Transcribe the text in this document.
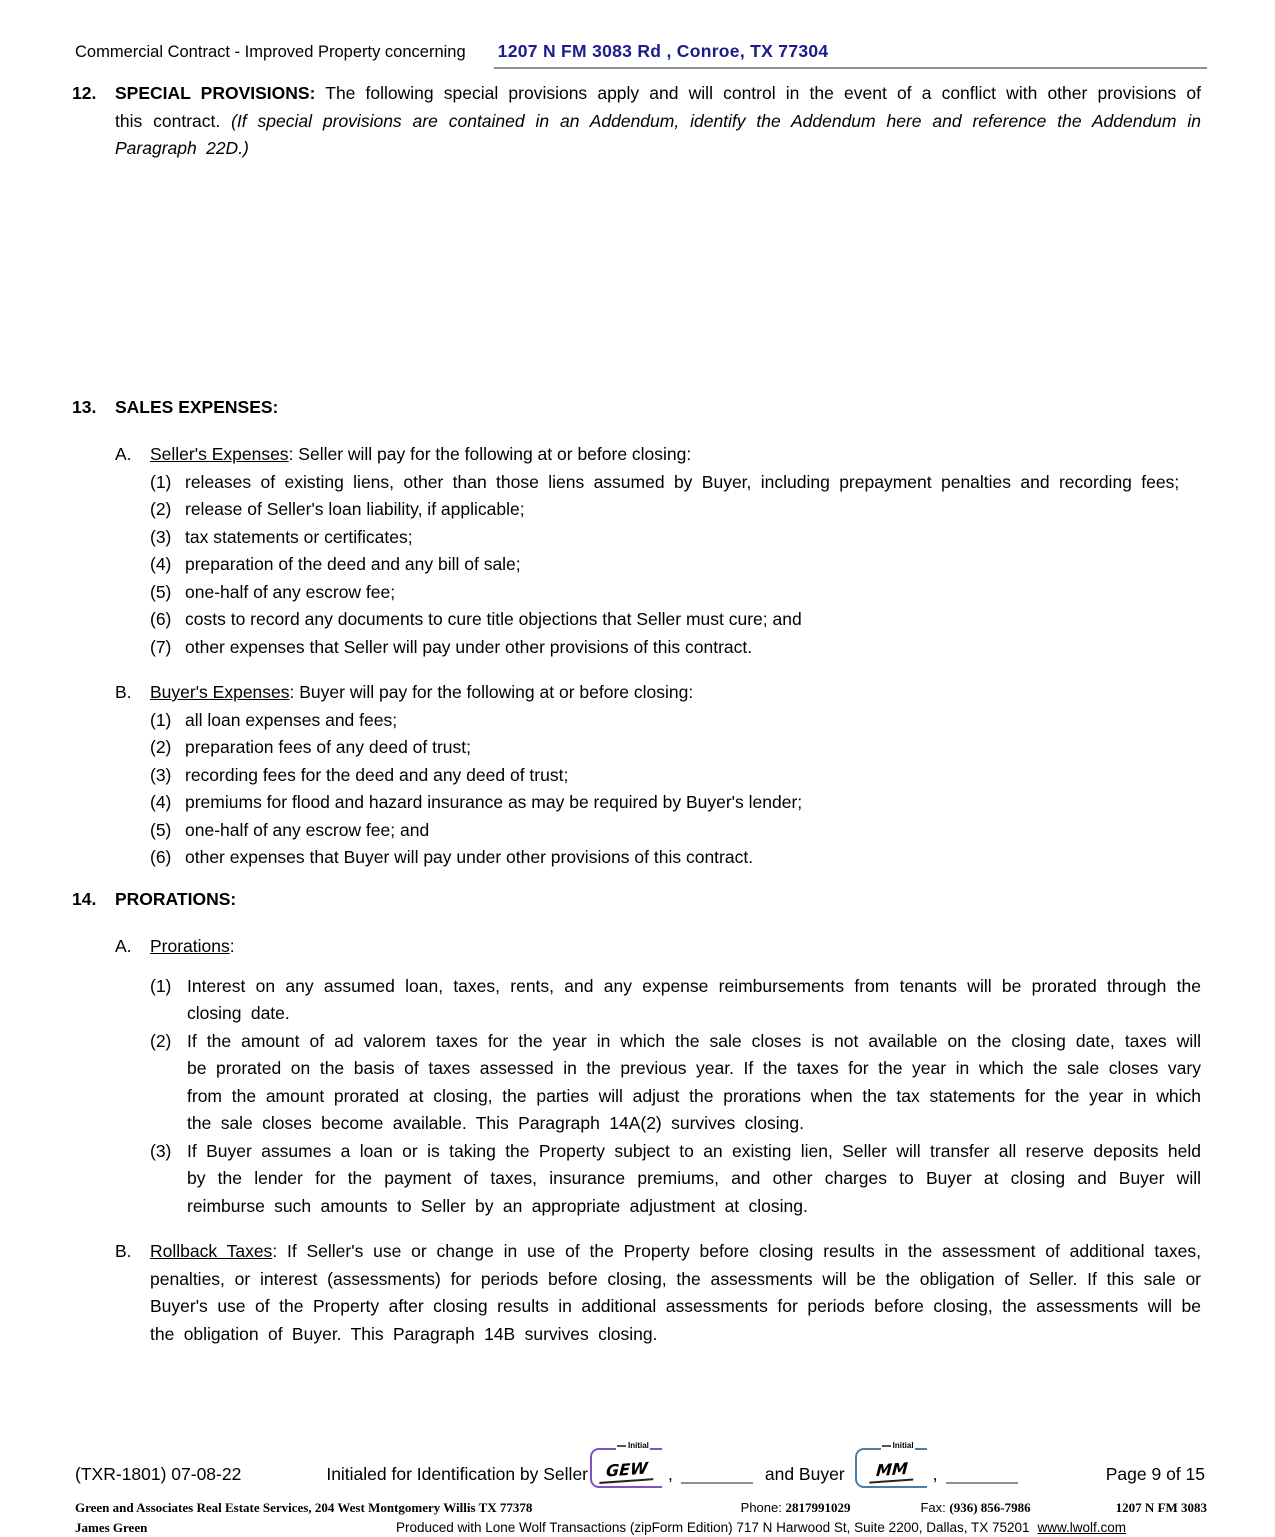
Commercial Contract - Improved Property concerning	1207 N FM 3083 Rd , Conroe, TX 77304
12. SPECIAL PROVISIONS: The following special provisions apply and will control in the event of a conflict with other provisions of this contract. (If special provisions are contained in an Addendum, identify the Addendum here and reference the Addendum in Paragraph 22D.)
13. SALES EXPENSES:
A. Seller's Expenses: Seller will pay for the following at or before closing:
(1) releases of existing liens, other than those liens assumed by Buyer, including prepayment penalties and recording fees;
(2) release of Seller's loan liability, if applicable;
(3) tax statements or certificates;
(4) preparation of the deed and any bill of sale;
(5) one-half of any escrow fee;
(6) costs to record any documents to cure title objections that Seller must cure; and
(7) other expenses that Seller will pay under other provisions of this contract.
B. Buyer's Expenses: Buyer will pay for the following at or before closing:
(1) all loan expenses and fees;
(2) preparation fees of any deed of trust;
(3) recording fees for the deed and any deed of trust;
(4) premiums for flood and hazard insurance as may be required by Buyer's lender;
(5) one-half of any escrow fee; and
(6) other expenses that Buyer will pay under other provisions of this contract.
14. PRORATIONS:
A. Prorations:
(1) Interest on any assumed loan, taxes, rents, and any expense reimbursements from tenants will be prorated through the closing date.
(2) If the amount of ad valorem taxes for the year in which the sale closes is not available on the closing date, taxes will be prorated on the basis of taxes assessed in the previous year. If the taxes for the year in which the sale closes vary from the amount prorated at closing, the parties will adjust the prorations when the tax statements for the year in which the sale closes become available. This Paragraph 14A(2) survives closing.
(3) If Buyer assumes a loan or is taking the Property subject to an existing lien, Seller will transfer all reserve deposits held by the lender for the payment of taxes, insurance premiums, and other charges to Buyer at closing and Buyer will reimburse such amounts to Seller by an appropriate adjustment at closing.
B. Rollback Taxes: If Seller's use or change in use of the Property before closing results in the assessment of additional taxes, penalties, or interest (assessments) for periods before closing, the assessments will be the obligation of Seller. If this sale or Buyer's use of the Property after closing results in additional assessments for periods before closing, the assessments will be the obligation of Buyer. This Paragraph 14B survives closing.
(TXR-1801) 07-08-22	Initialed for Identification by Seller
Initial
GEW	,	and Buyer
Initial
MM	,	Page 9 of 15
Green and Associates Real Estate Services, 204 West Montgomery Willis TX 77378	Phone: 2817991029	Fax: (936) 856-7986	1207 N FM 3083
James Green	Produced with Lone Wolf Transactions (zipForm Edition) 717 N Harwood St, Suite 2200, Dallas, TX 75201 www.lwolf.com
